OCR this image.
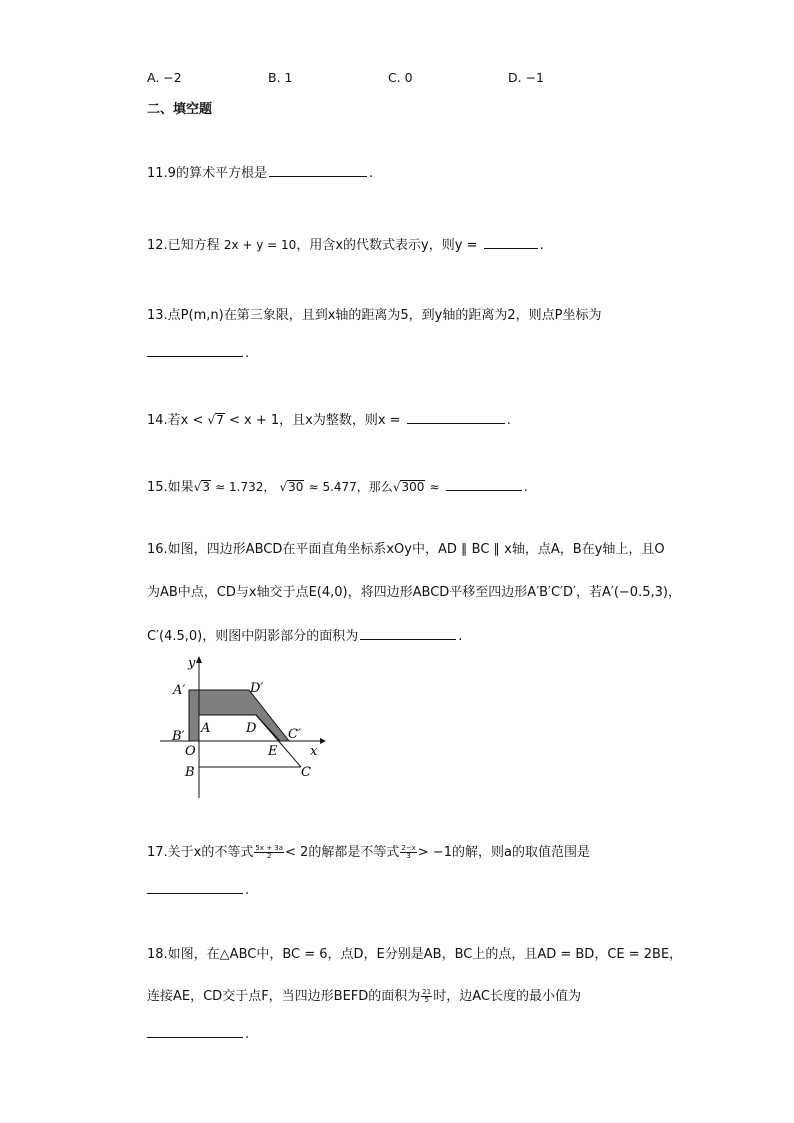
A. −2	B. 1	C. 0	D. −1
二、填空题
11.9的算术平方根是	.
12.已知方程 2x + y = 10，用含x的代数式表示y，则y =	.
13.点P(m,n)在第三象限，且到x轴的距离为5，到y轴的距离为2，则点P坐标为
.
14.若x < √7 < x + 1，且x为整数，则x =	.
15.如果√3 ≈ 1.732， √30 ≈ 5.477，那么√300 ≈	.
16.如图，四边形ABCD在平面直角坐标系xOy中，AD ∥ BC ∥ x轴，点A，B在y轴上，且O
为AB中点，CD与x轴交于点E(4,0)，将四边形ABCD平移至四边形A′B′C′D′，若A′(−0.5,3)，
C′(4.5,0)，则图中阴影部分的面积为	.
y
x
A′	D′
A	D
B′	C′
O	E
B	C
17.关于x的不等式 $\frac{5x + 3a}{2} < 2$的解都是不等式 $\frac{2-x}{3} > -1$的解，则a的取值范围是
.
18.如图，在△ABC中，BC = 6，点D，E分别是AB，BC上的点，且AD = BD，CE = 2BE，
连接AE，CD交于点F，当四边形BEFD的面积为 $\frac{21}{5}$ 时，边AC长度的最小值为
.
